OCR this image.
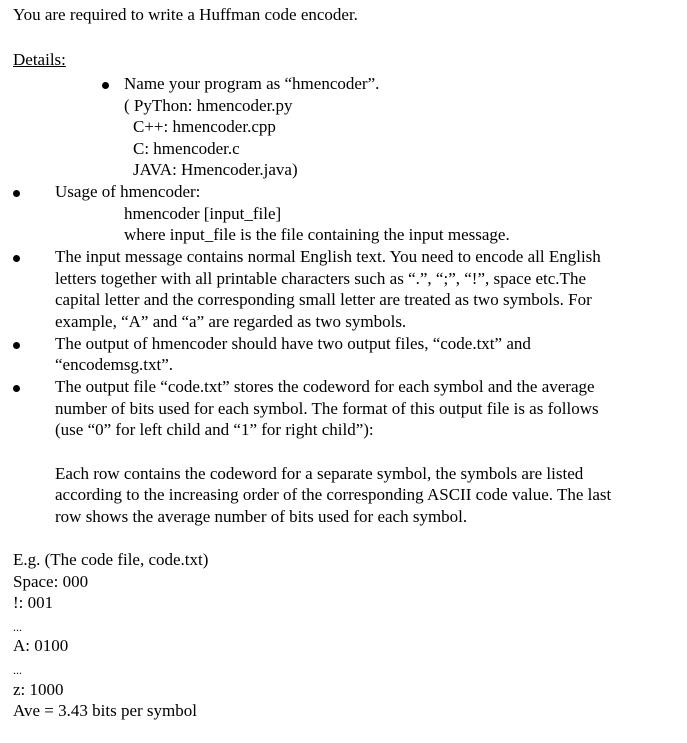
You are required to write a Huffman code encoder.

Details:

Name your program as “hmencoder”.

( PyThon: hmencoder.py

C++: hmencoder.cpp

C: hmencoder.c

JAVA: Hmencoder.java)

Usage of hmencoder:

hmencoder [input_file]

where input_file is the file containing the input message.

The input message contains normal English text. You need to encode all English

letters together with all printable characters such as “.”, “;”, “!”, space etc.The

capital letter and the corresponding small letter are treated as two symbols. For

example, “A” and “a” are regarded as two symbols.

The output of hmencoder should have two output files, “code.txt” and

“encodemsg.txt”.

The output file “code.txt” stores the codeword for each symbol and the average

number of bits used for each symbol. The format of this output file is as follows

(use “0” for left child and “1” for right child”):

Each row contains the codeword for a separate symbol, the symbols are listed

according to the increasing order of the corresponding ASCII code value. The last

row shows the average number of bits used for each symbol.

E.g. (The code file, code.txt)

Space: 000

!: 001

...

A: 0100

...

z: 1000

Ave = 3.43 bits per symbol
